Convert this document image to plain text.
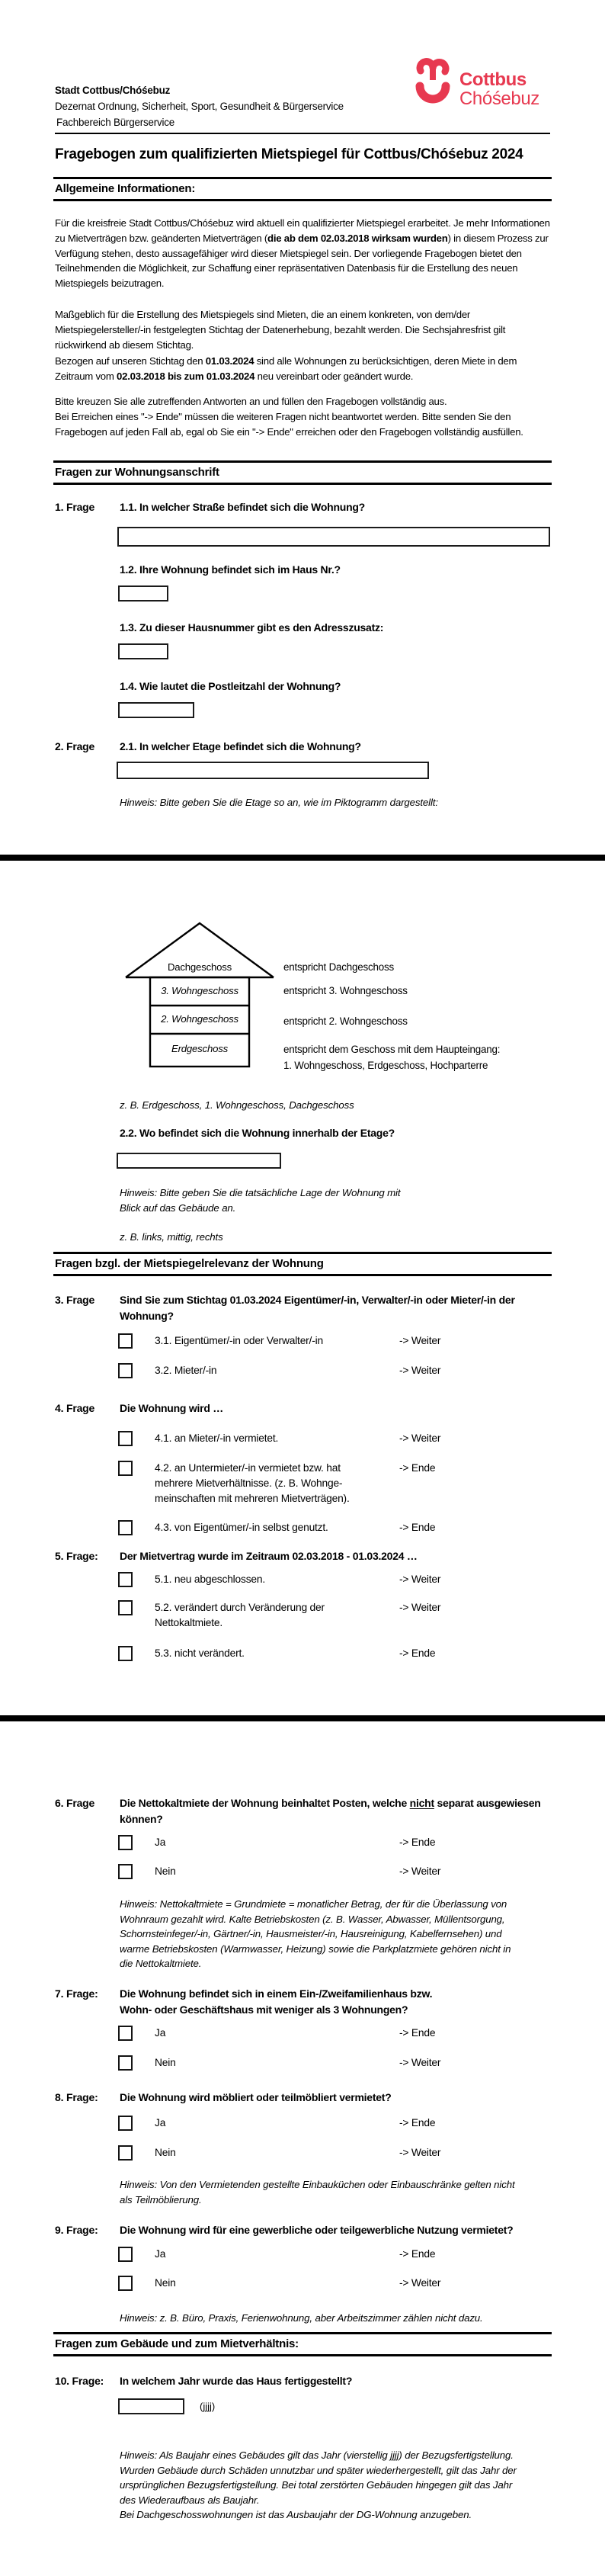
Stadt Cottbus/Chóśebuz
Dezernat Ordnung, Sicherheit, Sport, Gesundheit & Bürgerservice
Fachbereich Bürgerservice
Cottbus
Chóśebuz
Fragebogen zum qualifizierten Mietspiegel für Cottbus/Chóśebuz 2024
Allgemeine Informationen:

Für die kreisfreie Stadt Cottbus/Chóśebuz wird aktuell ein qualifizierter Mietspiegel erarbeitet. Je mehr Informationen zu Mietverträgen bzw. geänderten Mietverträgen (die ab dem 02.03.2018 wirksam wurden) in diesem Prozess zur Verfügung stehen, desto aussagefähiger wird dieser Mietspiegel sein. Der vorliegende Fragebogen bietet den Teilnehmenden die Möglichkeit, zur Schaffung einer repräsentativen Datenbasis für die Erstellung des neuen Mietspiegels beizutragen.

Maßgeblich für die Erstellung des Mietspiegels sind Mieten, die an einem konkreten, von dem/der Mietspiegelersteller/-in festgelegten Stichtag der Datenerhebung, bezahlt werden. Die Sechsjahresfrist gilt rückwirkend ab diesem Stichtag.

Bezogen auf unseren Stichtag den 01.03.2024 sind alle Wohnungen zu berücksichtigen, deren Miete in dem Zeitraum vom 02.03.2018 bis zum 01.03.2024 neu vereinbart oder geändert wurde.

Bitte kreuzen Sie alle zutreffenden Antworten an und füllen den Fragebogen vollständig aus.

Bei Erreichen eines "-> Ende" müssen die weiteren Fragen nicht beantwortet werden. Bitte senden Sie den Fragebogen auf jeden Fall ab, egal ob Sie ein "-> Ende" erreichen oder den Fragebogen vollständig ausfüllen.

Fragen zur Wohnungsanschrift
1. Frage	1.1. In welcher Straße befindet sich die Wohnung?
1.2. Ihre Wohnung befindet sich im Haus Nr.?
1.3. Zu dieser Hausnummer gibt es den Adresszusatz:
1.4. Wie lautet die Postleitzahl der Wohnung?
2. Frage	2.1. In welcher Etage befindet sich die Wohnung?
Hinweis: Bitte geben Sie die Etage so an, wie im Piktogramm dargestellt:
Dachgeschoss
3. Wohngeschoss
2. Wohngeschoss
Erdgeschoss
entspricht Dachgeschoss
entspricht 3. Wohngeschoss
entspricht 2. Wohngeschoss
entspricht dem Geschoss mit dem Haupteingang:
1. Wohngeschoss, Erdgeschoss, Hochparterre
z. B. Erdgeschoss, 1. Wohngeschoss, Dachgeschoss
2.2. Wo befindet sich die Wohnung innerhalb der Etage?
Hinweis: Bitte geben Sie die tatsächliche Lage der Wohnung mit
Blick auf das Gebäude an.
z. B. links, mittig, rechts
Fragen bzgl. der Mietspiegelrelevanz der Wohnung
3. Frage	Sind Sie zum Stichtag 01.03.2024 Eigentümer/-in, Verwalter/-in oder Mieter/-in der
Wohnung?
3.1. Eigentümer/-in oder Verwalter/-in	-> Weiter
3.2. Mieter/-in	-> Weiter
4. Frage	Die Wohnung wird …
4.1. an Mieter/-in vermietet.	-> Weiter
4.2. an Untermieter/-in vermietet bzw. hat
mehrere Mietverhältnisse. (z. B. Wohnge-
meinschaften mit mehreren Mietverträgen).
-> Ende
4.3. von Eigentümer/-in selbst genutzt.	-> Ende
5. Frage:	Der Mietvertrag wurde im Zeitraum 02.03.2018 - 01.03.2024 …
5.1. neu abgeschlossen.	-> Weiter
5.2. verändert durch Veränderung der
Nettokaltmiete.
-> Weiter
5.3. nicht verändert.	-> Ende
6. Frage	Die Nettokaltmiete der Wohnung beinhaltet Posten, welche nicht separat ausgewiesen
können?
Ja	-> Ende
Nein	-> Weiter
Hinweis: Nettokaltmiete = Grundmiete = monatlicher Betrag, der für die Überlassung von
Wohnraum gezahlt wird. Kalte Betriebskosten (z. B. Wasser, Abwasser, Müllentsorgung,
Schornsteinfeger/-in, Gärtner/-in, Hausmeister/-in, Hausreinigung, Kabelfernsehen) und
warme Betriebskosten (Warmwasser, Heizung) sowie die Parkplatzmiete gehören nicht in
die Nettokaltmiete.
7. Frage:	Die Wohnung befindet sich in einem Ein-/Zweifamilienhaus bzw.
Wohn- oder Geschäftshaus mit weniger als 3 Wohnungen?
Ja	-> Ende
Nein	-> Weiter
8. Frage:	Die Wohnung wird möbliert oder teilmöbliert vermietet?
Ja	-> Ende
Nein	-> Weiter
Hinweis: Von den Vermietenden gestellte Einbauküchen oder Einbauschränke gelten nicht
als Teilmöblierung.
9. Frage:	Die Wohnung wird für eine gewerbliche oder teilgewerbliche Nutzung vermietet?
Ja	-> Ende
Nein	-> Weiter
Hinweis: z. B. Büro, Praxis, Ferienwohnung, aber Arbeitszimmer zählen nicht dazu.
Fragen zum Gebäude und zum Mietverhältnis:
10. Frage:	In welchem Jahr wurde das Haus fertiggestellt?
(jjjj)
Hinweis: Als Baujahr eines Gebäudes gilt das Jahr (vierstellig jjjj) der Bezugsfertigstellung.
Wurden Gebäude durch Schäden unnutzbar und später wiederhergestellt, gilt das Jahr der
ursprünglichen Bezugsfertigstellung. Bei total zerstörten Gebäuden hingegen gilt das Jahr
des Wiederaufbaus als Baujahr.
Bei Dachgeschosswohnungen ist das Ausbaujahr der DG-Wohnung anzugeben.
